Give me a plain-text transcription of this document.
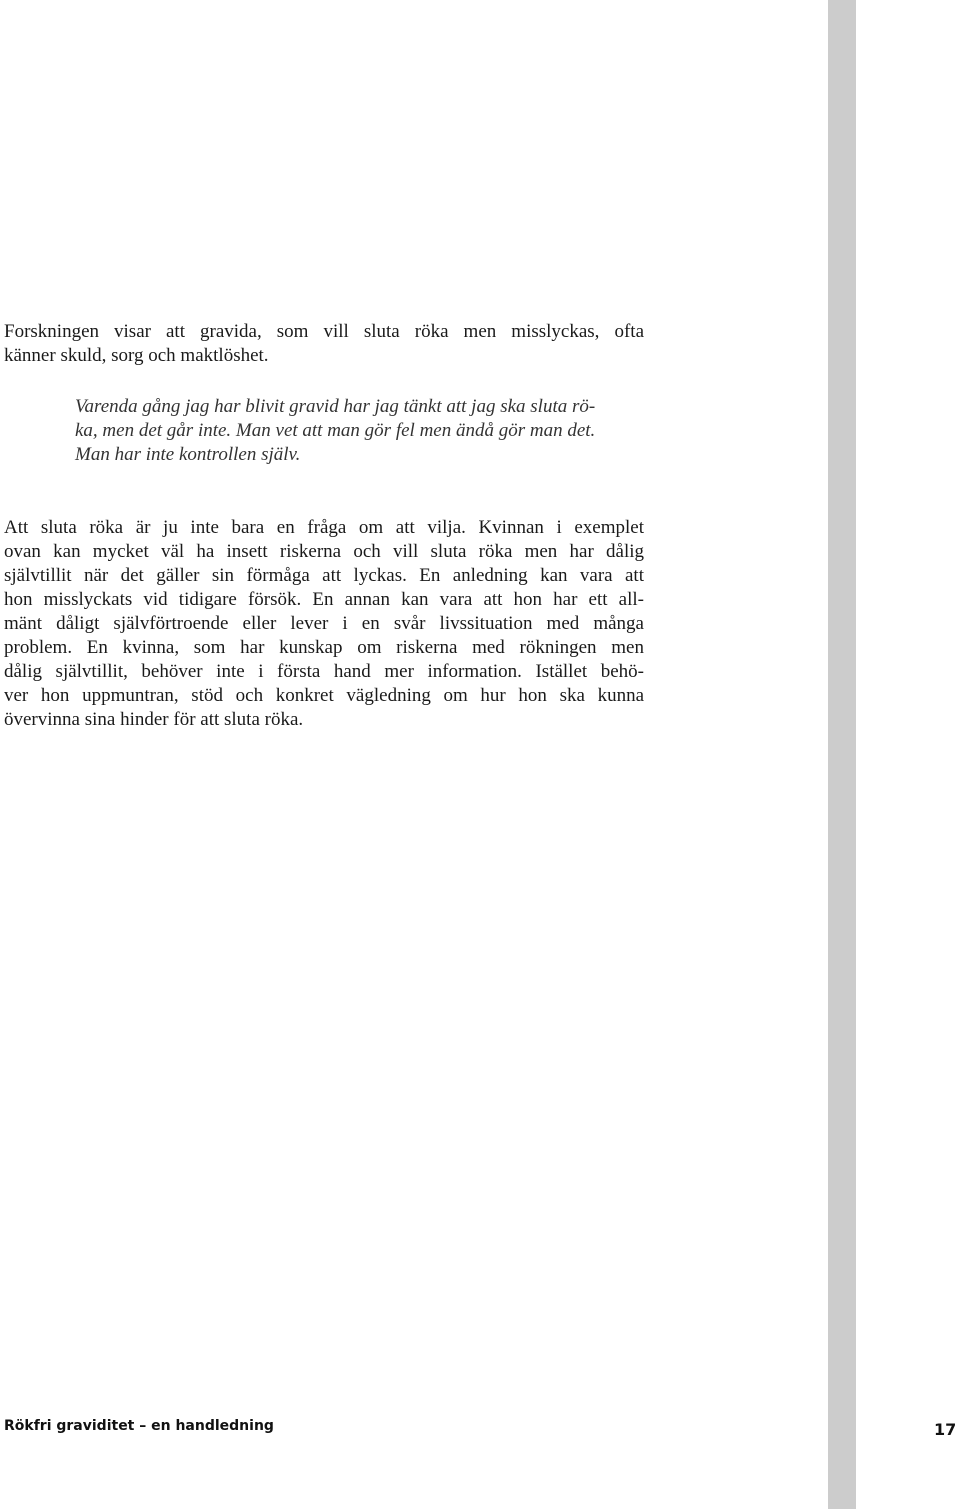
Forskningen visar att gravida, som vill sluta röka men misslyckas, ofta
känner skuld, sorg och maktlöshet.

Varenda gång jag har blivit gravid har jag tänkt att jag ska sluta rö-
ka, men det går inte. Man vet att man gör fel men ändå gör man det.
Man har inte kontrollen själv.

Att sluta röka är ju inte bara en fråga om att vilja. Kvinnan i exemplet
ovan kan mycket väl ha insett riskerna och vill sluta röka men har dålig
självtillit när det gäller sin förmåga att lyckas. En anledning kan vara att
hon misslyckats vid tidigare försök. En annan kan vara att hon har ett all-
mänt dåligt självförtroende eller lever i en svår livssituation med många
problem. En kvinna, som har kunskap om riskerna med rökningen men
dålig självtillit, behöver inte i första hand mer information. Istället behö-
ver hon uppmuntran, stöd och konkret vägledning om hur hon ska kunna
övervinna sina hinder för att sluta röka.

Rökfri graviditet – en handledning	17
